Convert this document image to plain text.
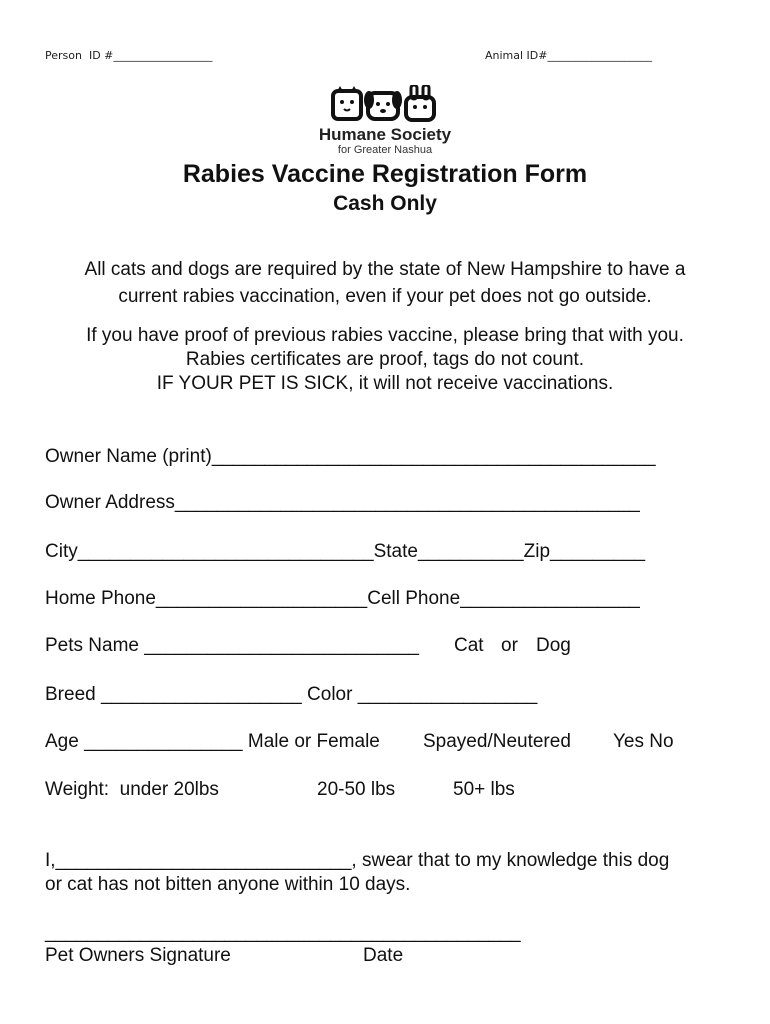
Person  ID #__________________	Animal ID#___________________
Humane Society
for Greater Nashua
Rabies Vaccine Registration Form
Cash Only
All cats and dogs are required by the state of New Hampshire to have a
current rabies vaccination, even if your pet does not go outside.
If you have proof of previous rabies vaccine, please bring that with you.
Rabies certificates are proof, tags do not count.
IF YOUR PET IS SICK, it will not receive vaccinations.
Owner Name (print)__________________________________________
Owner Address____________________________________________
City____________________________State__________Zip_________
Home Phone____________________Cell Phone_________________
Pets Name __________________________ Cat or Dog
Breed ___________________ Color _________________
Age _______________ Male or Female Spayed/Neutered Yes No
Weight:  under 20lbs	20-50 lbs	50+ lbs
I,____________________________, swear that to my knowledge this dog
or cat has not bitten anyone within 10 days.
_____________________________________________
Pet Owners Signature	Date
